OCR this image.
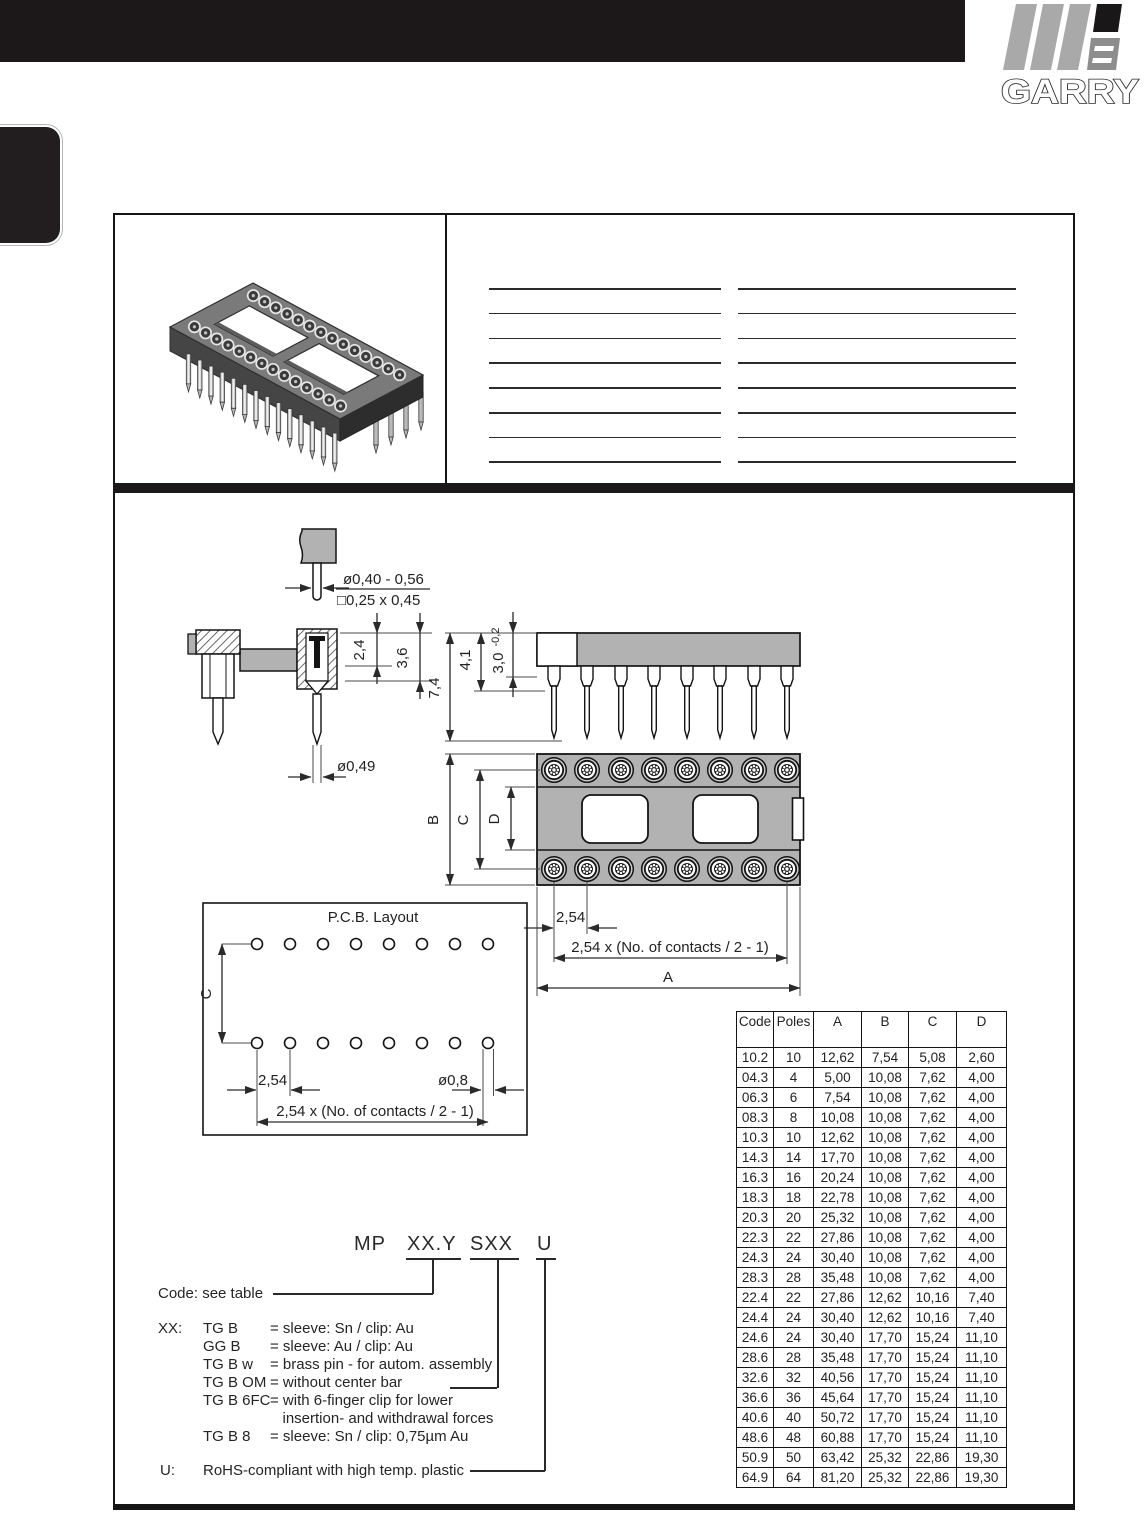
GARRY
ø0,40 - 0,56
□0,25 x 0,45
2,4 3,6
ø0,49
7,4
4,1 3,0
-0,2
B C D
2,54
2,54 x (No. of contacts / 2 - 1)
A
P.C.B. Layout
C
2,54	ø0,8
2,54 x (No. of contacts / 2 - 1)
Code	Poles	A	B	C	D
10.2	10	12,62	7,54	5,08	2,60
04.3	4	5,00	10,08	7,62	4,00
06.3	6	7,54	10,08	7,62	4,00
08.3	8	10,08	10,08	7,62	4,00
10.3	10	12,62	10,08	7,62	4,00
14.3	14	17,70	10,08	7,62	4,00
16.3	16	20,24	10,08	7,62	4,00
18.3	18	22,78	10,08	7,62	4,00
20.3	20	25,32	10,08	7,62	4,00
22.3	22	27,86	10,08	7,62	4,00
24.3	24	30,40	10,08	7,62	4,00
28.3	28	35,48	10,08	7,62	4,00
22.4	22	27,86	12,62	10,16	7,40
24.4	24	30,40	12,62	10,16	7,40
24.6	24	30,40	17,70	15,24	11,10
28.6	28	35,48	17,70	15,24	11,10
32.6	32	40,56	17,70	15,24	11,10
36.6	36	45,64	17,70	15,24	11,10
40.6	40	50,72	17,70	15,24	11,10
48.6	48	60,88	17,70	15,24	11,10
50.9	50	63,42	25,32	22,86	19,30
64.9	64	81,20	25,32	22,86	19,30
MP XX.Y SXX U
Code: see table
XX: TG B	= sleeve: Sn / clip: Au
GG B	= sleeve: Au / clip: Au
TG B w	= brass pin - for autom. assembly
TG B OM = without center bar
TG B 6FC = with 6-finger clip for lower
insertion- and withdrawal forces
TG B 8	= sleeve: Sn / clip: 0,75µm Au
U: RoHS-compliant with high temp. plastic
